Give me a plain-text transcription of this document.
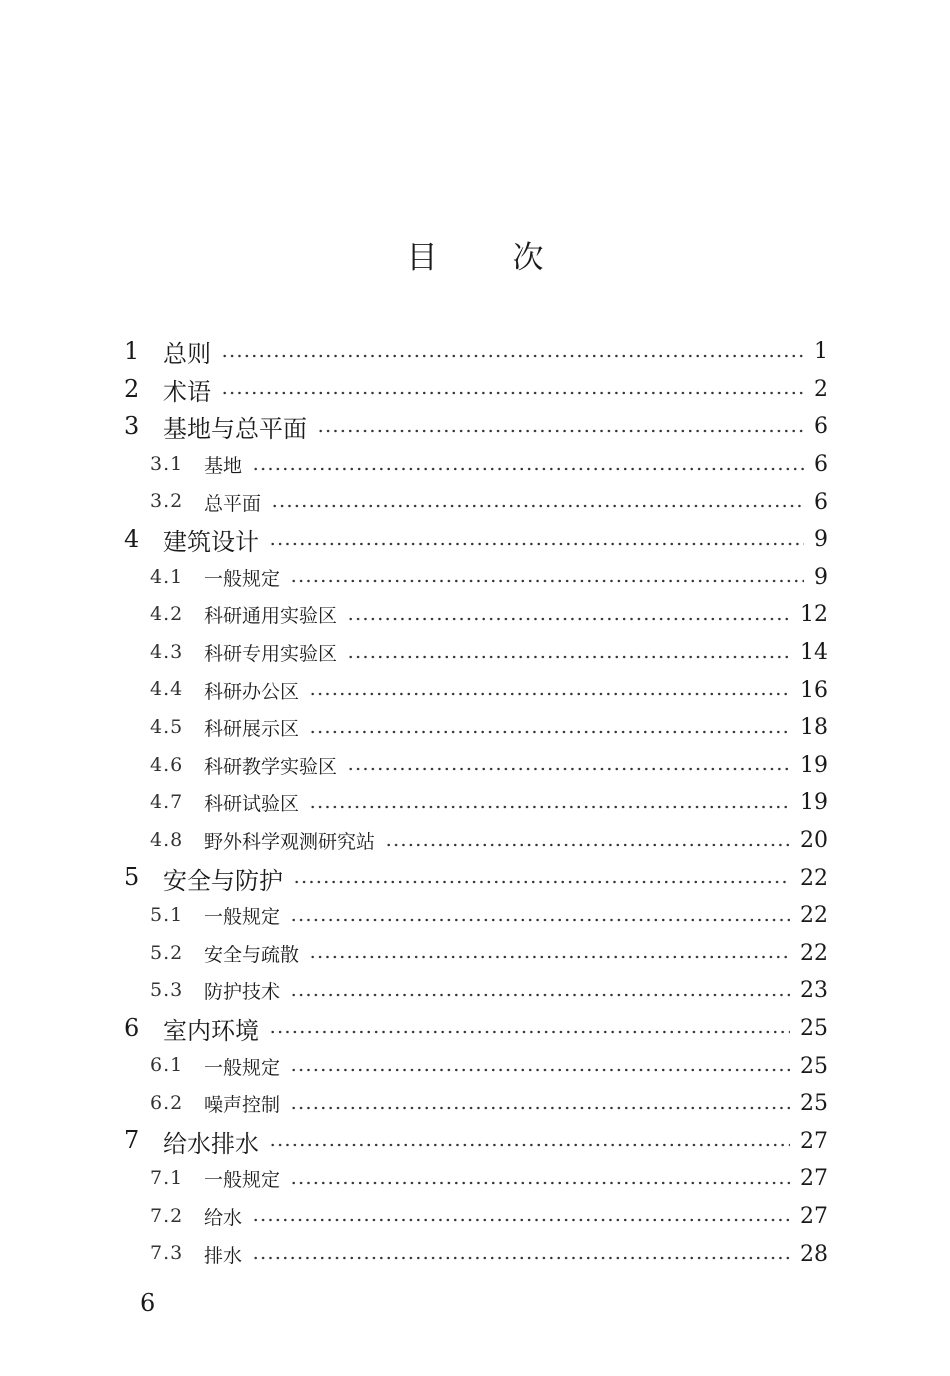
目次
1 总则	1
2 术语	2
3 基地与总平面	6
3.1 基地	6
3.2 总平面	6
4 建筑设计	9
4.1 一般规定	9
4.2 科研通用实验区	12
4.3 科研专用实验区	14
4.4 科研办公区	16
4.5 科研展示区	18
4.6 科研教学实验区	19
4.7 科研试验区	19
4.8 野外科学观测研究站	20
5 安全与防护	22
5.1 一般规定	22
5.2 安全与疏散	22
5.3 防护技术	23
6 室内环境	25
6.1 一般规定	25
6.2 噪声控制	25
7 给水排水	27
7.1 一般规定	27
7.2 给水	27
7.3 排水	28
6
